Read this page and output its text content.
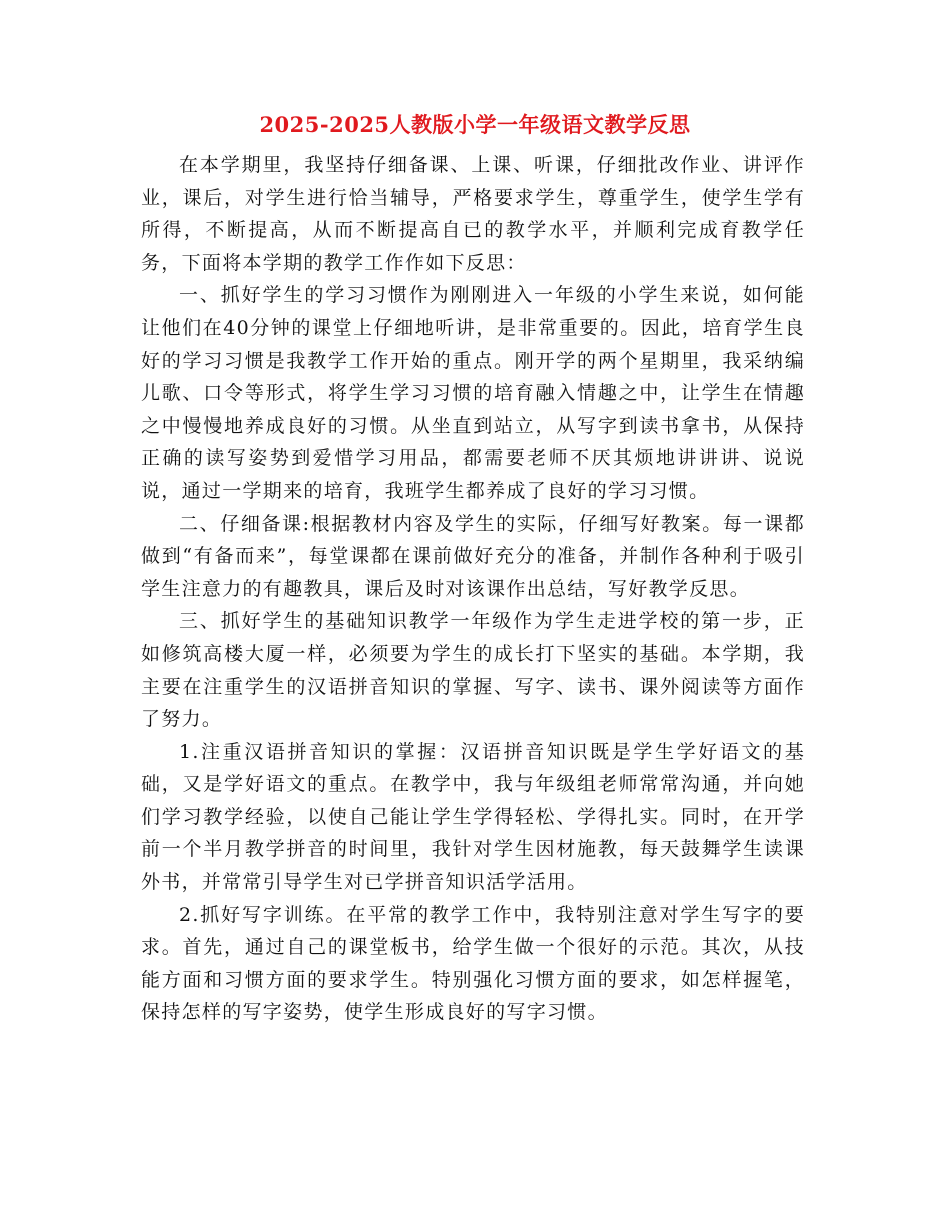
2025-2025人教版小学一年级语文教学反思

在本学期里，我坚持仔细备课、上课、听课，仔细批改作业、讲评作业，课后，对学生进行恰当辅导，严格要求学生，尊重学生，使学生学有所得，不断提高，从而不断提高自已的教学水平，并顺利完成育教学任务，下面将本学期的教学工作作如下反思：

一、抓好学生的学习习惯作为刚刚进入一年级的小学生来说，如何能让他们在40分钟的课堂上仔细地听讲，是非常重要的。因此，培育学生良好的学习习惯是我教学工作开始的重点。刚开学的两个星期里，我采纳编儿歌、口令等形式，将学生学习习惯的培育融入情趣之中，让学生在情趣之中慢慢地养成良好的习惯。从坐直到站立，从写字到读书拿书，从保持正确的读写姿势到爱惜学习用品，都需要老师不厌其烦地讲讲讲、说说说，通过一学期来的培育，我班学生都养成了良好的学习习惯。

二、仔细备课:根据教材内容及学生的实际，仔细写好教案。每一课都做到“有备而来”，每堂课都在课前做好充分的准备，并制作各种利于吸引学生注意力的有趣教具，课后及时对该课作出总结，写好教学反思。

三、抓好学生的基础知识教学一年级作为学生走进学校的第一步，正如修筑高楼大厦一样，必须要为学生的成长打下坚实的基础。本学期，我主要在注重学生的汉语拼音知识的掌握、写字、读书、课外阅读等方面作了努力。

1.注重汉语拼音知识的掌握：汉语拼音知识既是学生学好语文的基础，又是学好语文的重点。在教学中，我与年级组老师常常沟通，并向她们学习教学经验，以使自己能让学生学得轻松、学得扎实。同时，在开学前一个半月教学拼音的时间里，我针对学生因材施教，每天鼓舞学生读课外书，并常常引导学生对已学拼音知识活学活用。

2.抓好写字训练。在平常的教学工作中，我特别注意对学生写字的要求。首先，通过自己的课堂板书，给学生做一个很好的示范。其次，从技能方面和习惯方面的要求学生。特别强化习惯方面的要求，如怎样握笔，保持怎样的写字姿势，使学生形成良好的写字习惯。
